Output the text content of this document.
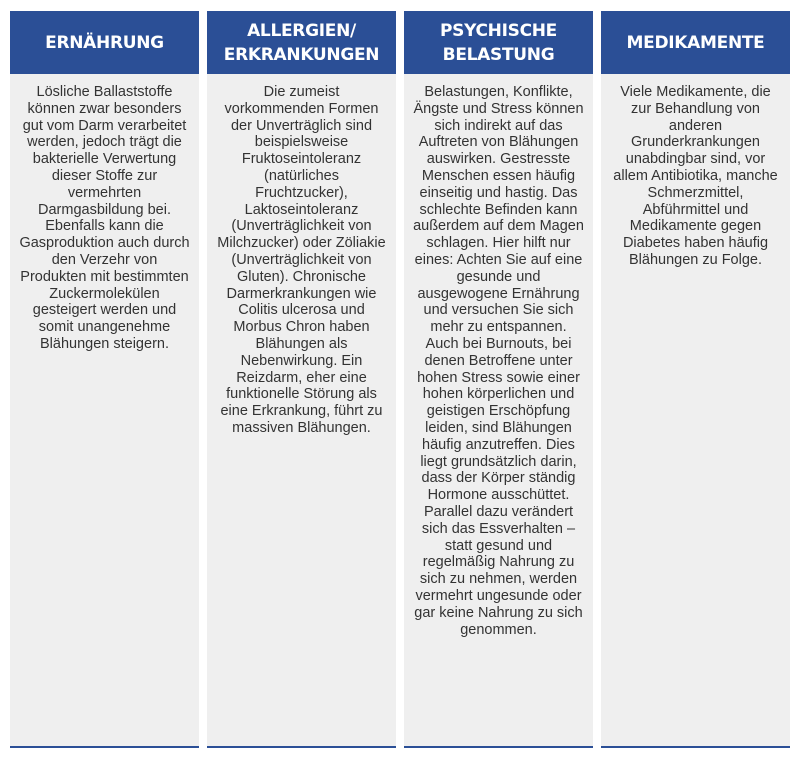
ERNÄHRUNG
Lösliche Ballaststoffe können zwar besonders gut vom Darm verarbeitet werden, jedoch trägt die bakterielle Verwertung dieser Stoffe zur vermehrten Darmgasbildung bei. Ebenfalls kann die Gasproduktion auch durch den Verzehr von Produkten mit bestimmten Zuckermolekülen gesteigert werden und somit unangenehme Blähungen steigern.
ALLERGIEN/
ERKRANKUNGEN
Die zumeist vorkommenden Formen der Unverträglich sind beispielsweise Fruktoseintoleranz (natürliches Fruchtzucker), Laktoseintoleranz (Unverträglichkeit von Milchzucker) oder Zöliakie (Unverträglichkeit von Gluten). Chronische Darmerkrankungen wie Colitis ulcerosa und Morbus Chron haben Blähungen als Nebenwirkung. Ein Reizdarm, eher eine funktionelle Störung als eine Erkrankung, führt zu massiven Blähungen.
PSYCHISCHE
BELASTUNG
Belastungen, Konflikte, Ängste und Stress können sich indirekt auf das Auftreten von Blähungen auswirken. Gestresste Menschen essen häufig einseitig und hastig. Das schlechte Befinden kann außerdem auf dem Magen schlagen. Hier hilft nur eines: Achten Sie auf eine gesunde und ausgewogene Ernährung und versuchen Sie sich mehr zu entspannen. Auch bei Burnouts, bei denen Betroffene unter hohen Stress sowie einer hohen körperlichen und geistigen Erschöpfung leiden, sind Blähungen häufig anzutreffen. Dies liegt grundsätzlich darin, dass der Körper ständig Hormone ausschüttet. Parallel dazu verändert sich das Essverhalten – statt gesund und regelmäßig Nahrung zu sich zu nehmen, werden vermehrt ungesunde oder gar keine Nahrung zu sich genommen.
MEDIKAMENTE
Viele Medikamente, die zur Behandlung von anderen Grunderkrankungen unabdingbar sind, vor allem Antibiotika, manche Schmerzmittel, Abführmittel und Medikamente gegen Diabetes haben häufig Blähungen zu Folge.
